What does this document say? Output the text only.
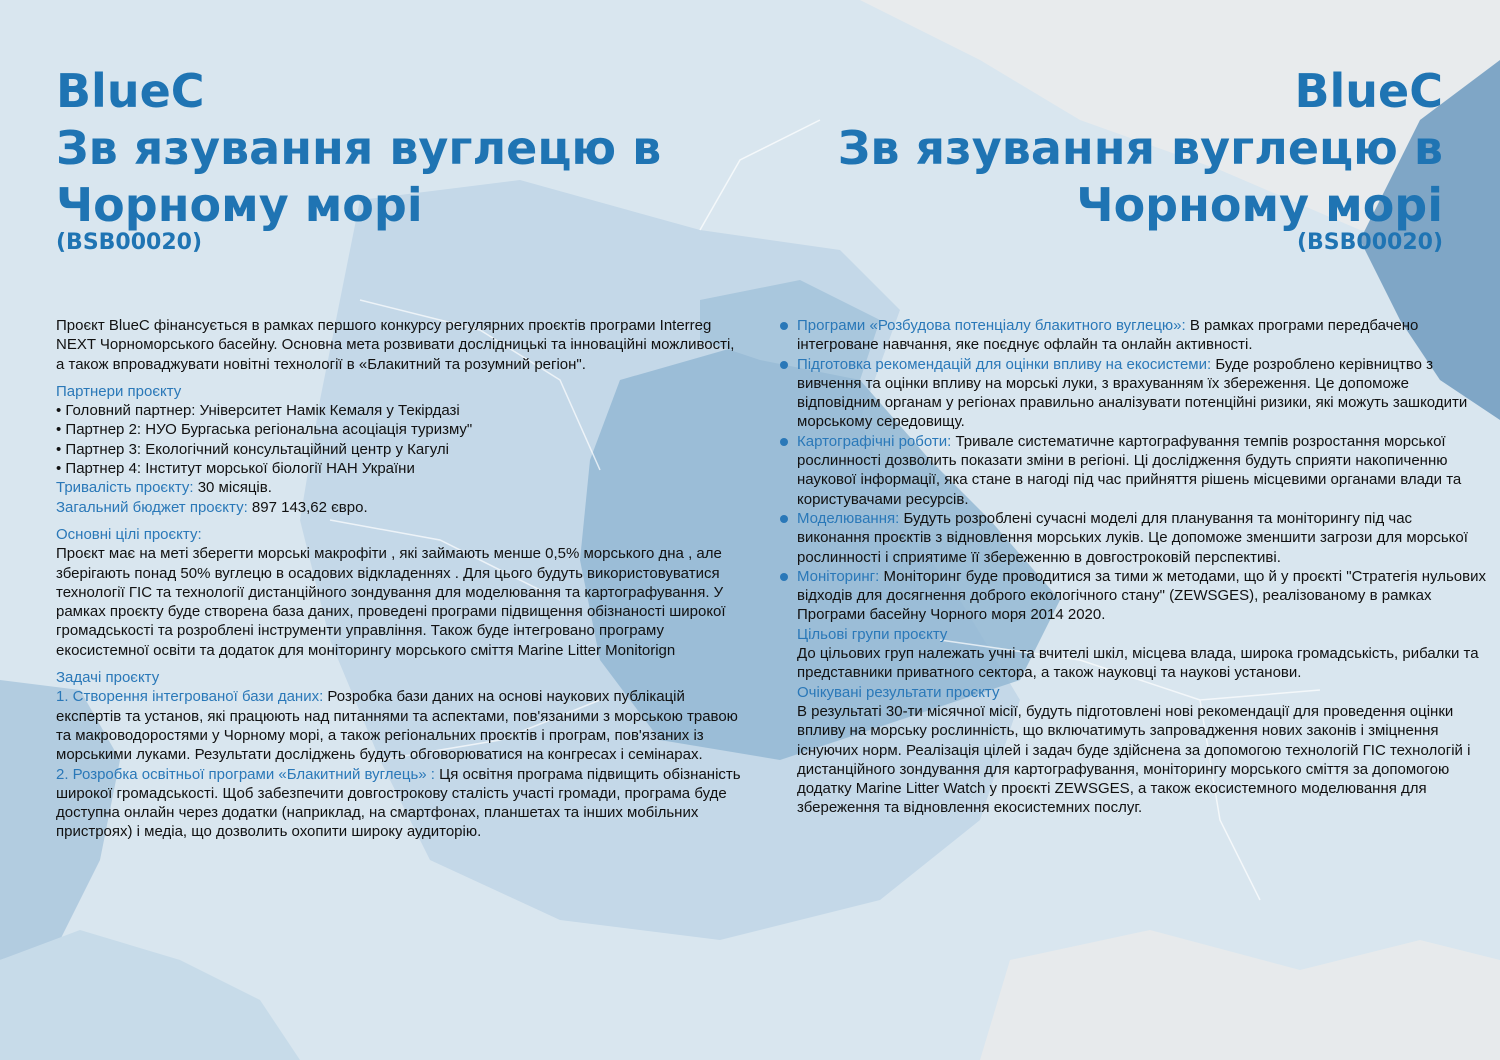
BlueC
Зв язування вуглецю в
Чорному морі
(BSB00020)
BlueC
Зв язування вуглецю в
Чорному морі
(BSB00020)

Проєкт BlueC фінансується в рамках першого конкурсу регулярних проєктів програми Interreg NEXT Чорноморського басейну. Основна мета розвивати дослідницькі та інноваційні можливості, а також впроваджувати новітні технології в «Блакитний та розумний регіон".

Партнери проєкту
• Головний партнер: Університет Намік Кемаля у Текірдазі
• Партнер 2: НУО Бургаська регіональна асоціація туризму"
• Партнер 3: Екологічний консультаційний центр у Кагулі
• Партнер 4: Інститут морської біології НАН України

Тривалість проєкту: 30 місяців.

Загальний бюджет проєкту: 897 143,62 євро.

Основні цілі проєкту:

Проєкт має на меті зберегти морські макрофіти , які займають менше 0,5% морського дна , але зберігають понад 50% вуглецю в осадових відкладеннях . Для цього будуть використовуватися технології ГІС та технології дистанційного зондування для моделювання та картографування. У рамках проєкту буде створена база даних, проведені програми підвищення обізнаності широкої громадськості та розроблені інструменти управління. Також буде інтегровано програму екосистемної освіти та додаток для моніторингу морського сміття Marine Litter Monitorign

Задачі проєкту

1. Створення інтегрованої бази даних: Розробка бази даних на основі наукових публікацій експертів та установ, які працюють над питаннями та аспектами, пов'язаними з морською травою та макроводоростями у Чорному морі, а також регіональних проєктів і програм, пов'язаних із морськими луками. Результати досліджень будуть обговорюватися на конгресах і семінарах.

2. Розробка освітньої програми «Блакитний вуглець» : Ця освітня програма підвищить обізнаність широкої громадськості. Щоб забезпечити довгострокову сталість участі громади, програма буде доступна онлайн через додатки (наприклад, на смартфонах, планшетах та інших мобільних пристроях) і медіа, що дозволить охопити широку аудиторію.

Програми «Розбудова потенціалу блакитного вуглецю»: В рамках програми передбачено інтегроване навчання, яке поєднує офлайн та онлайн активності.
Підготовка рекомендацій для оцінки впливу на екосистеми: Буде розроблено керівництво з вивчення та оцінки впливу на морські луки, з врахуванням їх збереження. Це допоможе відповідним органам у регіонах правильно аналізувати потенційні ризики, які можуть зашкодити морському середовищу.
Картографічні роботи: Тривале систематичне картографування темпів розростання морської рослинності дозволить показати зміни в регіоні. Ці дослідження будуть сприяти накопиченню наукової інформації, яка стане в нагоді під час прийняття рішень місцевими органами влади та користувачами ресурсів.
Моделювання: Будуть розроблені сучасні моделі для планування та моніторингу під час виконання проєктів з відновлення морських луків. Це допоможе зменшити загрози для морської рослинності і сприятиме її збереженню в довгостроковій перспективі.
Моніторинг: Моніторинг буде проводитися за тими ж методами, що й у проєкті "Стратегія нульових відходів для досягнення доброго екологічного стану" (ZEWSGES), реалізованому в рамках Програми басейну Чорного моря 2014 2020.
Цільові групи проєкту

До цільових груп належать учні та вчителі шкіл, місцева влада, широка громадськість, рибалки та представники приватного сектора, а також науковці та наукові установи.

Очікувані результати проєкту

В результаті 30-ти місячної місії, будуть підготовлені нові рекомендації для проведення оцінки впливу на морську рослинність, що включатимуть запровадження нових законів і зміцнення існуючих норм. Реалізація цілей і задач буде здійснена за допомогою технологій ГІС технологій і дистанційного зондування для картографування, моніторингу морського сміття за допомогою додатку Marine Litter Watch у проєкті ZEWSGES, а також екосистемного моделювання для збереження та відновлення екосистемних послуг.
